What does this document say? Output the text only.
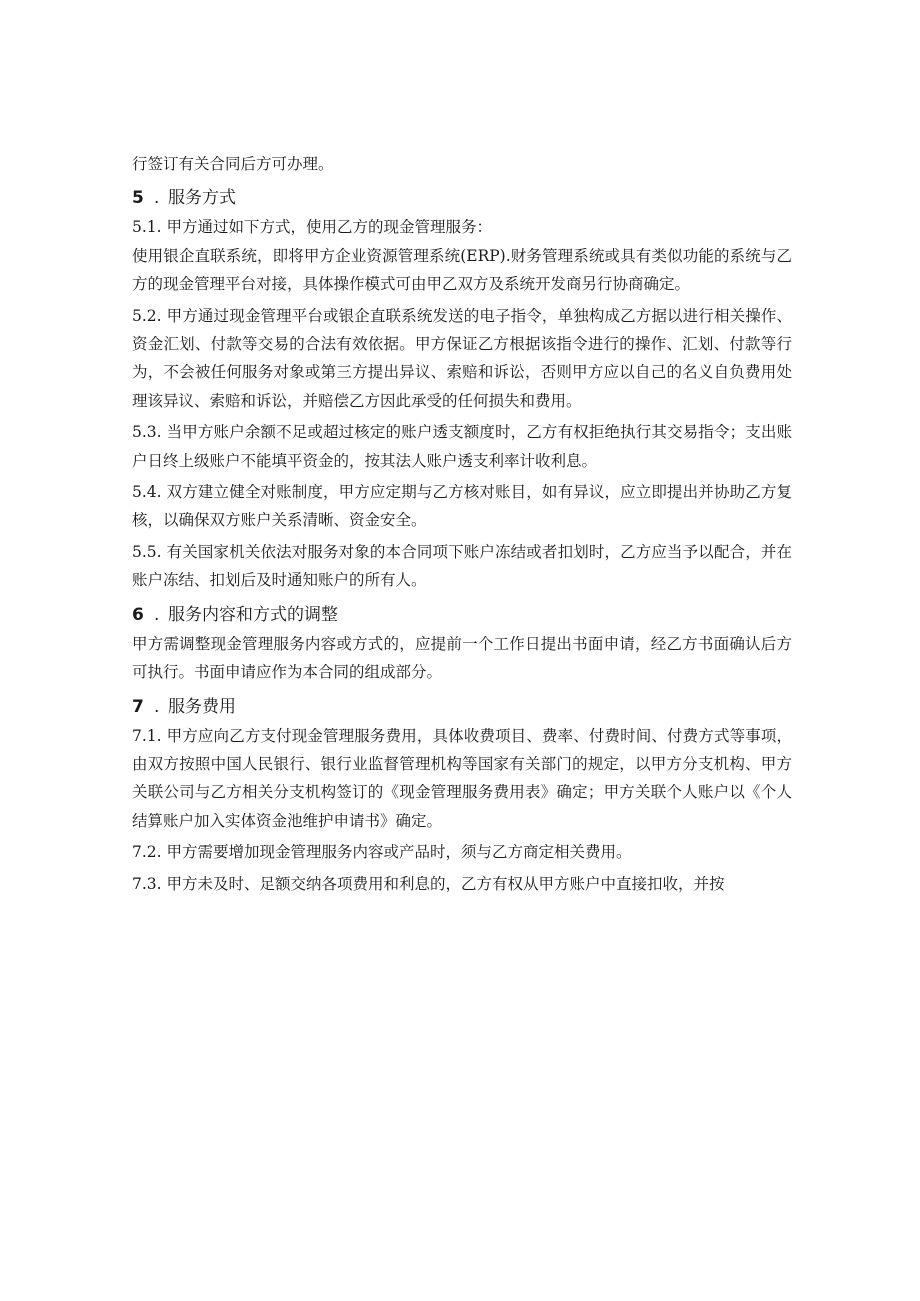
行签订有关合同后方可办理。

5 . 服务方式

5.1. 甲方通过如下方式，使用乙方的现金管理服务：

使用银企直联系统，即将甲方企业资源管理系统(ERP).财务管理系统或具有类似功能的系统与乙方的现金管理平台对接，具体操作模式可由甲乙双方及系统开发商另行协商确定。

5.2. 甲方通过现金管理平台或银企直联系统发送的电子指令，单独构成乙方据以进行相关操作、资金汇划、付款等交易的合法有效依据。甲方保证乙方根据该指令进行的操作、汇划、付款等行为，不会被任何服务对象或第三方提出异议、索赔和诉讼，否则甲方应以自己的名义自负费用处理该异议、索赔和诉讼，并赔偿乙方因此承受的任何损失和费用。

5.3. 当甲方账户余额不足或超过核定的账户透支额度时，乙方有权拒绝执行其交易指令；支出账户日终上级账户不能填平资金的，按其法人账户透支利率计收利息。

5.4. 双方建立健全对账制度，甲方应定期与乙方核对账目，如有异议，应立即提出并协助乙方复核，以确保双方账户关系清晰、资金安全。

5.5. 有关国家机关依法对服务对象的本合同项下账户冻结或者扣划时，乙方应当予以配合，并在账户冻结、扣划后及时通知账户的所有人。

6 . 服务内容和方式的调整

甲方需调整现金管理服务内容或方式的，应提前一个工作日提出书面申请，经乙方书面确认后方可执行。书面申请应作为本合同的组成部分。

7 . 服务费用

7.1. 甲方应向乙方支付现金管理服务费用，具体收费项目、费率、付费时间、付费方式等事项，由双方按照中国人民银行、银行业监督管理机构等国家有关部门的规定，以甲方分支机构、甲方关联公司与乙方相关分支机构签订的《现金管理服务费用表》确定；甲方关联个人账户以《个人结算账户加入实体资金池维护申请书》确定。

7.2. 甲方需要增加现金管理服务内容或产品时，须与乙方商定相关费用。

7.3. 甲方未及时、足额交纳各项费用和利息的，乙方有权从甲方账户中直接扣收，并按
